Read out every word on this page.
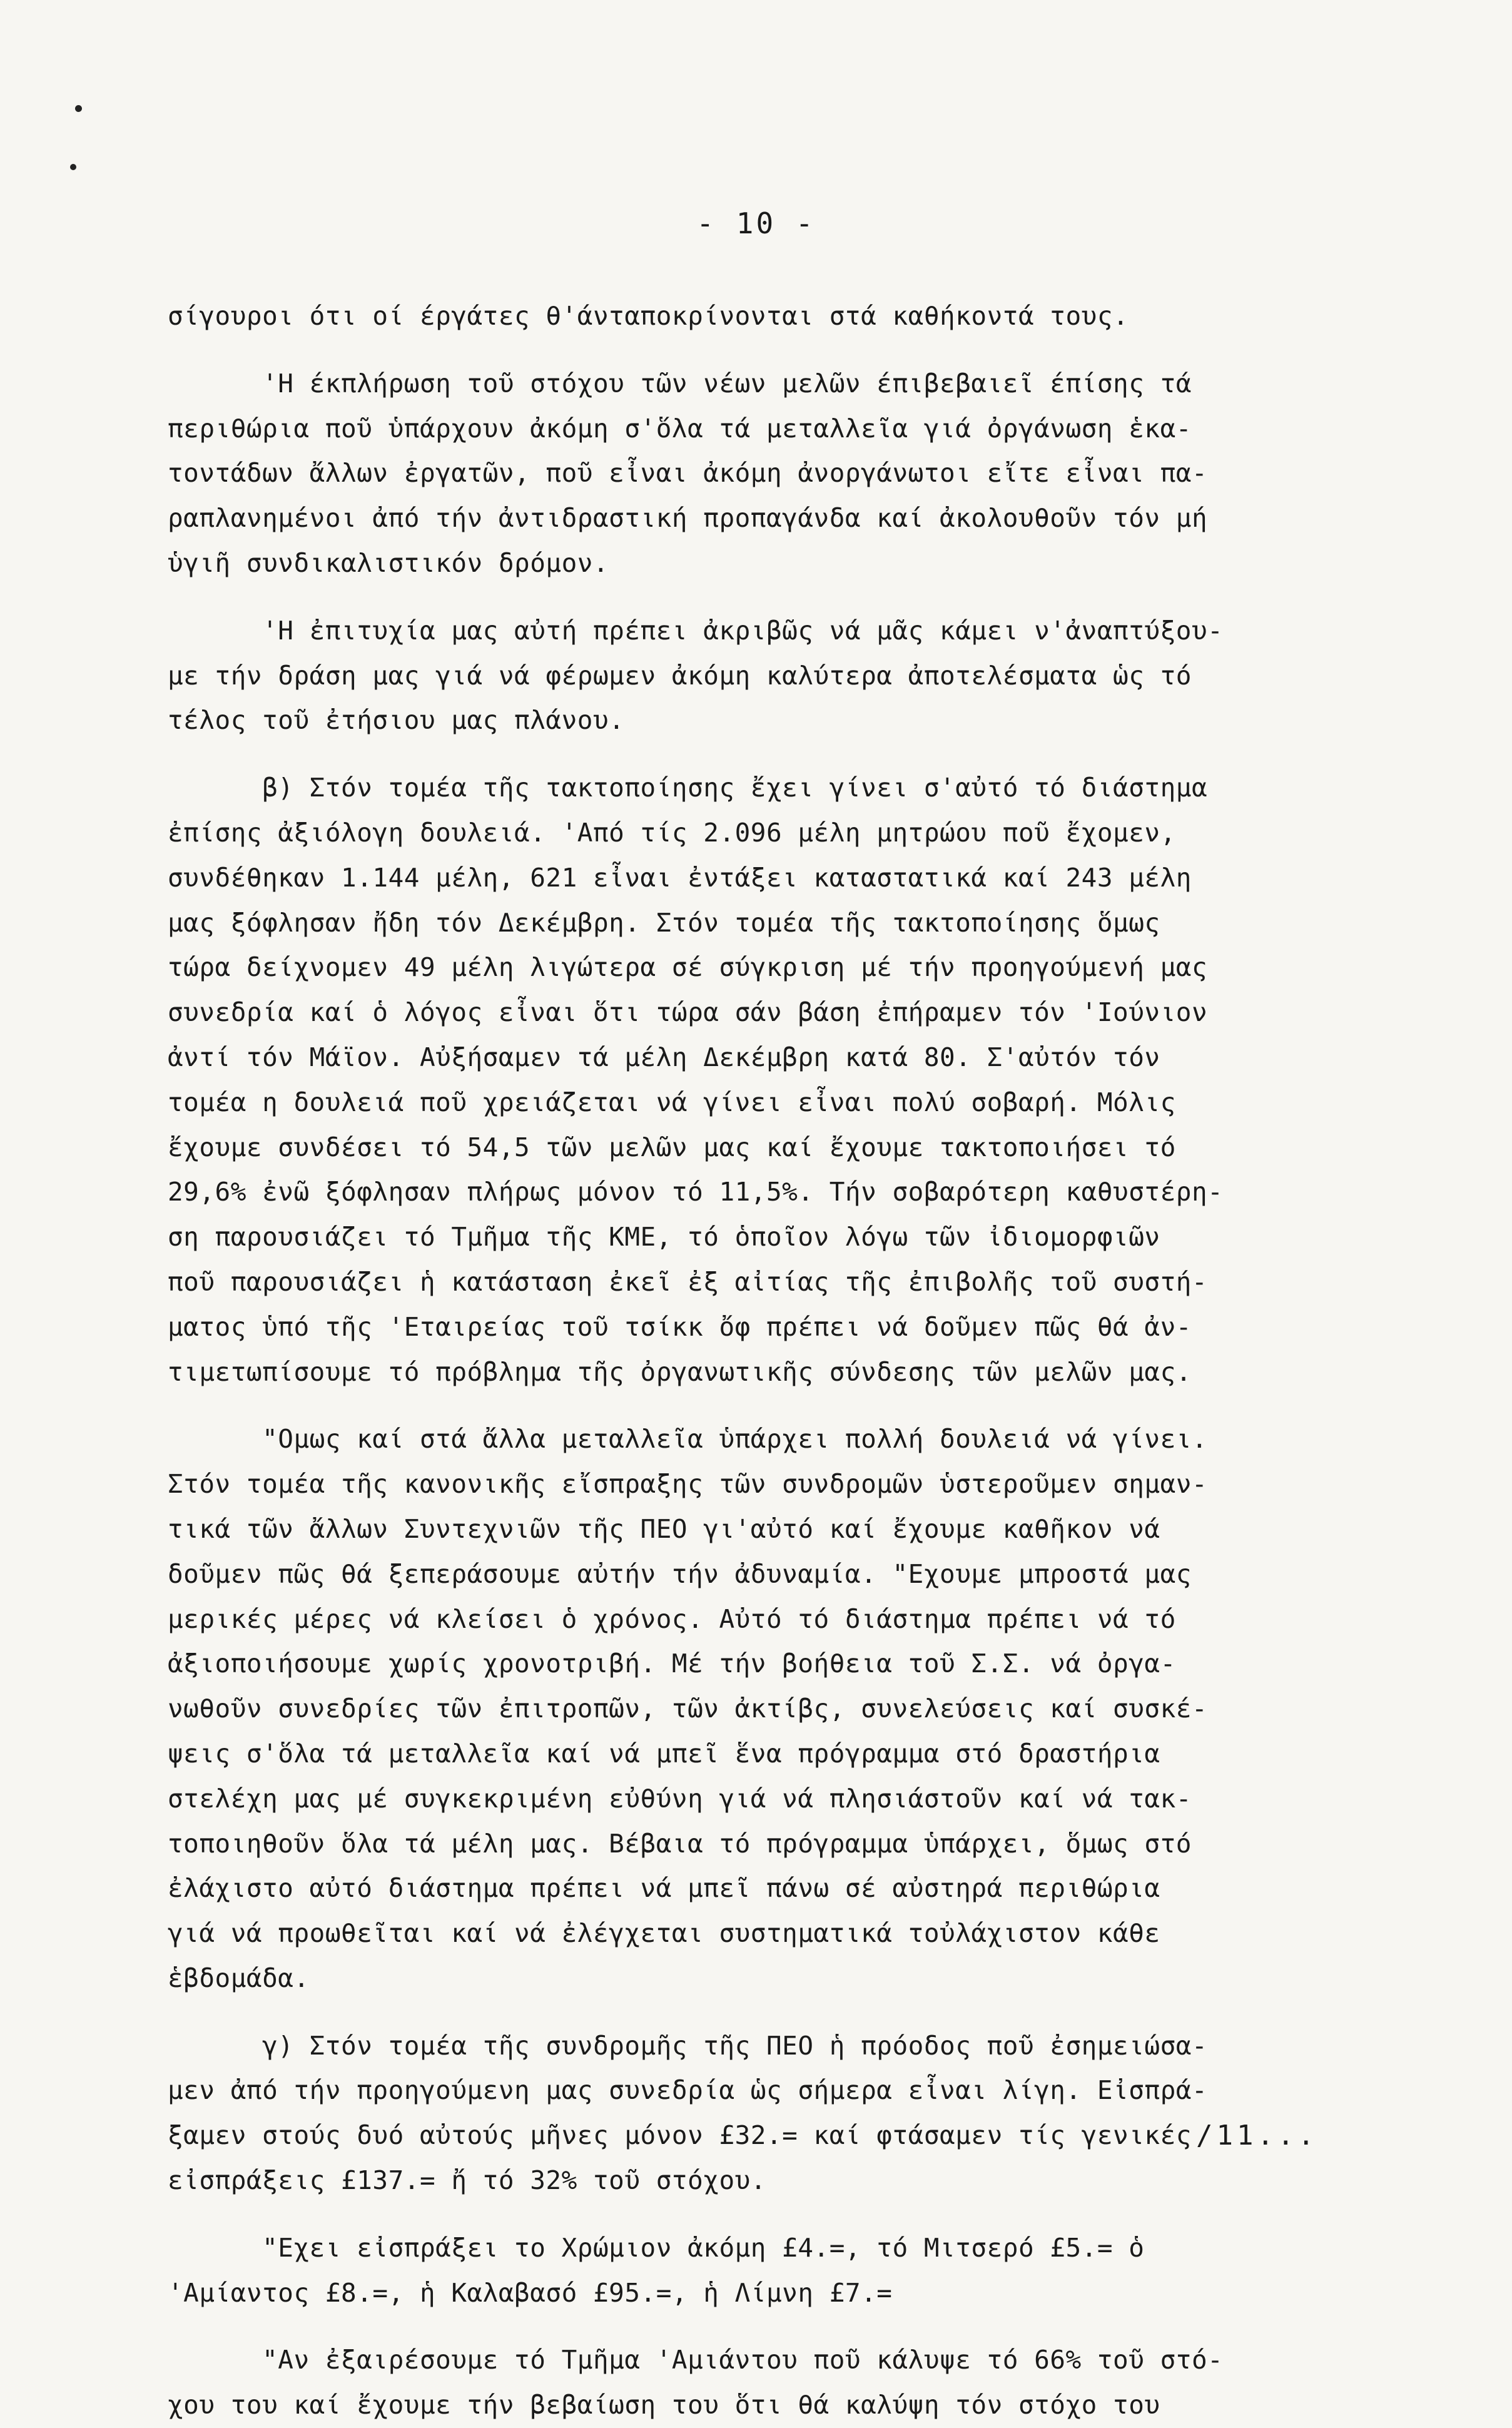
- 10 -
σίγουροι ότι οί έργάτες θ'άνταποκρίνονται στά καθήκοντά τους.
'Η έκπλήρωση τοῦ στόχου τῶν νέων μελῶν έπιβεβαιεῖ έπίσης τά
περιθώρια ποῦ ὑπάρχουν ἀκόμη σ'ὅλα τά μεταλλεῖα γιά ὀργάνωση ἑκα-
τοντάδων ἄλλων ἐργατῶν, ποῦ εἶναι ἀκόμη ἀνοργάνωτοι εἴτε εἶναι πα-
ραπλανημένοι ἀπό τήν ἀντιδραστική προπαγάνδα καί ἀκολουθοῦν τόν μή
ὑγιῆ συνδικαλιστικόν δρόμον.
'Η ἐπιτυχία μας αὐτή πρέπει ἀκριβῶς νά μᾶς κάμει ν'ἀναπτύξου-
με τήν δράση μας γιά νά φέρωμεν ἀκόμη καλύτερα ἀποτελέσματα ὡς τό
τέλος τοῦ ἐτήσιου μας πλάνου.
β) Στόν τομέα τῆς τακτοποίησης ἔχει γίνει σ'αὐτό τό διάστημα
ἐπίσης ἀξιόλογη δουλειά. 'Από τίς 2.096 μέλη μητρώου ποῦ ἔχομεν,
συνδέθηκαν 1.144 μέλη, 621 εἶναι ἐντάξει καταστατικά καί 243 μέλη
μας ξόφλησαν ἤδη τόν Δεκέμβρη. Στόν τομέα τῆς τακτοποίησης ὅμως
τώρα δείχνομεν 49 μέλη λιγώτερα σέ σύγκριση μέ τήν προηγούμενή μας
συνεδρία καί ὁ λόγος εἶναι ὅτι τώρα σάν βάση ἐπήραμεν τόν 'Ιούνιον
ἀντί τόν Μάϊον. Αὐξήσαμεν τά μέλη Δεκέμβρη κατά 80. Σ'αὐτόν τόν
τομέα η δουλειά ποῦ χρειάζεται νά γίνει εἶναι πολύ σοβαρή. Μόλις
ἔχουμε συνδέσει τό 54,5 τῶν μελῶν μας καί ἔχουμε τακτοποιήσει τό
29,6% ἐνῶ ξόφλησαν πλήρως μόνον τό 11,5%. Τήν σοβαρότερη καθυστέρη-
ση παρουσιάζει τό Τμῆμα τῆς ΚΜΕ, τό ὁποῖον λόγω τῶν ἰδιομορφιῶν
ποῦ παρουσιάζει ἡ κατάσταση ἐκεῖ ἐξ αἰτίας τῆς ἐπιβολῆς τοῦ συστή-
ματος ὑπό τῆς 'Εταιρείας τοῦ τσίκκ ὄφ πρέπει νά δοῦμεν πῶς θά ἀν-
τιμετωπίσουμε τό πρόβλημα τῆς ὀργανωτικῆς σύνδεσης τῶν μελῶν μας.
"Ομως καί στά ἄλλα μεταλλεῖα ὑπάρχει πολλή δουλειά νά γίνει.
Στόν τομέα τῆς κανονικῆς εἴσπραξης τῶν συνδρομῶν ὑστεροῦμεν σημαν-
τικά τῶν ἄλλων Συντεχνιῶν τῆς ΠΕΟ γι'αὐτό καί ἔχουμε καθῆκον νά
δοῦμεν πῶς θά ξεπεράσουμε αὐτήν τήν ἀδυναμία. "Εχουμε μπροστά μας
μερικές μέρες νά κλείσει ὁ χρόνος. Αὐτό τό διάστημα πρέπει νά τό
ἀξιοποιήσουμε χωρίς χρονοτριβή. Μέ τήν βοήθεια τοῦ Σ.Σ. νά ὀργα-
νωθοῦν συνεδρίες τῶν ἐπιτροπῶν, τῶν ἀκτίβς, συνελεύσεις καί συσκέ-
ψεις σ'ὅλα τά μεταλλεῖα καί νά μπεῖ ἕνα πρόγραμμα στό δραστήρια
στελέχη μας μέ συγκεκριμένη εὐθύνη γιά νά πλησιάστοῦν καί νά τακ-
τοποιηθοῦν ὅλα τά μέλη μας. Βέβαια τό πρόγραμμα ὑπάρχει, ὅμως στό
ἐλάχιστο αὐτό διάστημα πρέπει νά μπεῖ πάνω σέ αὐστηρά περιθώρια
γιά νά προωθεῖται καί νά ἐλέγχεται συστηματικά τοὐλάχιστον κάθε
ἑβδομάδα.
γ) Στόν τομέα τῆς συνδρομῆς τῆς ΠΕΟ ἡ πρόοδος ποῦ ἐσημειώσα-
μεν ἀπό τήν προηγούμενη μας συνεδρία ὡς σήμερα εἶναι λίγη. Εἰσπρά-
ξαμεν στούς δυό αὐτούς μῆνες μόνον £32.= καί φτάσαμεν τίς γενικές
εἰσπράξεις £137.= ἤ τό 32% τοῦ στόχου.
"Εχει εἰσπράξει το Χρώμιον ἀκόμη £4.=, τό Μιτσερό £5.= ὁ
'Αμίαντος £8.=, ἡ Καλαβασό £95.=, ἡ Λίμνη £7.=
"Αν ἐξαιρέσουμε τό Τμῆμα 'Αμιάντου ποῦ κάλυψε τό 66% τοῦ στό-
χου του καί ἔχουμε τήν βεβαίωση του ὅτι θά καλύψη τόν στόχο του
/11...
